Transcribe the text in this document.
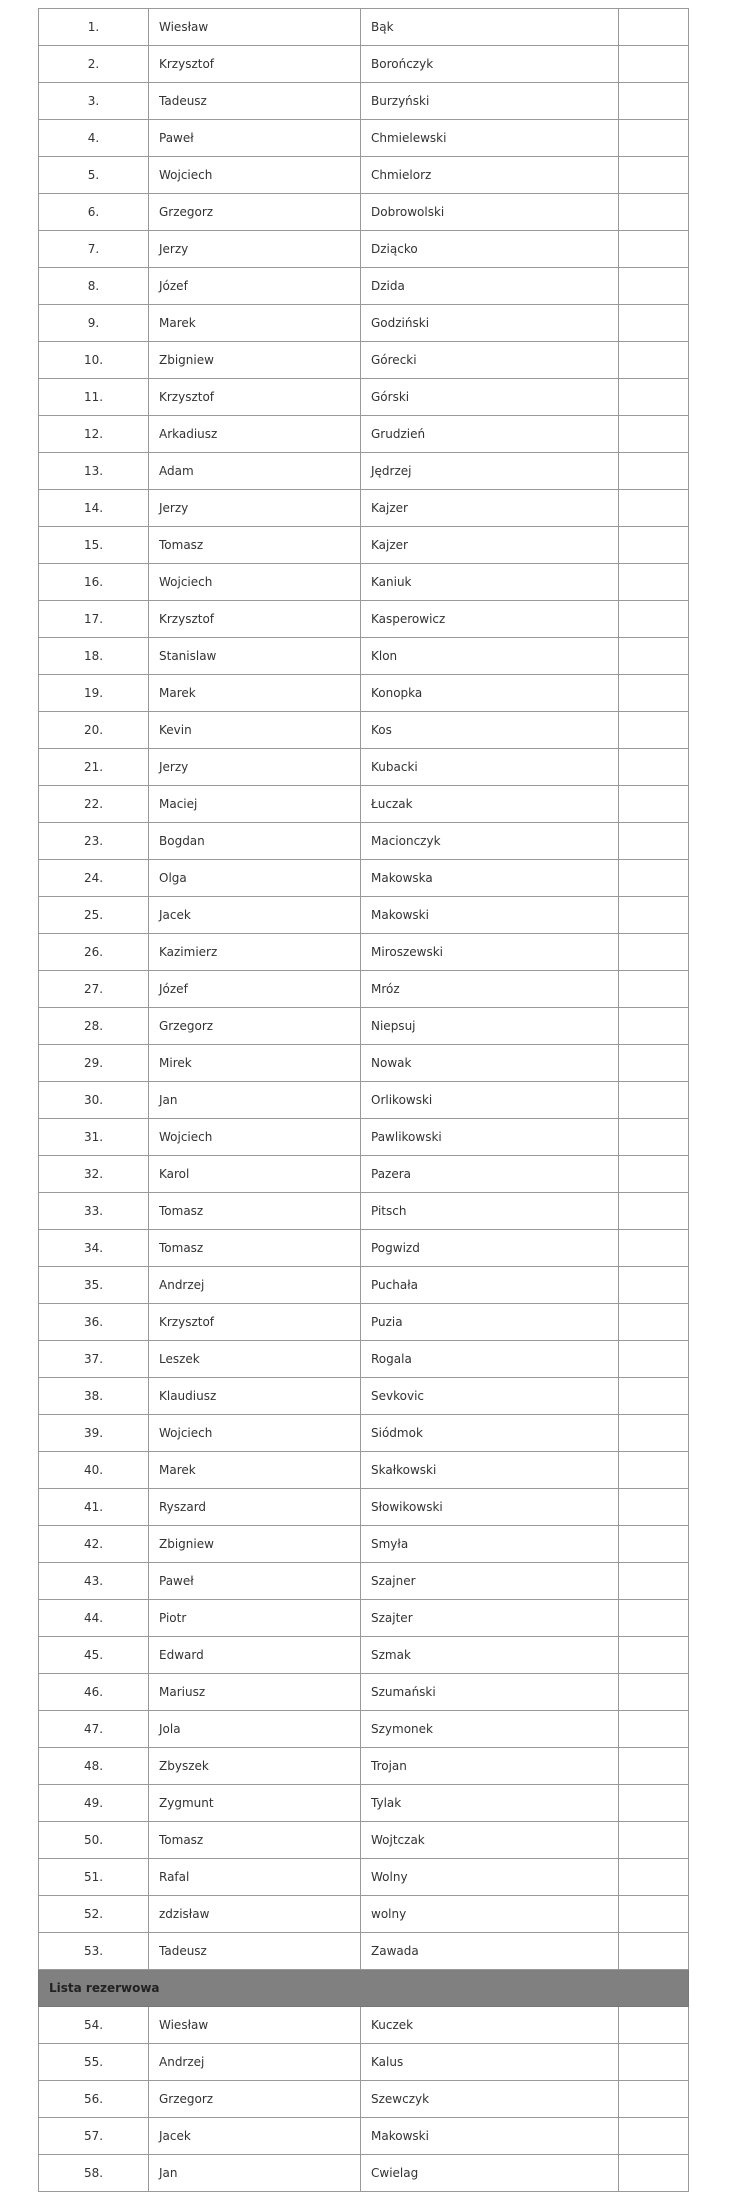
1.	Wiesław	Bąk	
2.	Krzysztof	Borończyk	
3.	Tadeusz	Burzyński	
4.	Paweł	Chmielewski	
5.	Wojciech	Chmielorz	
6.	Grzegorz	Dobrowolski	
7.	Jerzy	Dziącko	
8.	Józef	Dzida	
9.	Marek	Godziński	
10.	Zbigniew	Górecki	
11.	Krzysztof	Górski	
12.	Arkadiusz	Grudzień	
13.	Adam	Jędrzej	
14.	Jerzy	Kajzer	
15.	Tomasz	Kajzer	
16.	Wojciech	Kaniuk	
17.	Krzysztof	Kasperowicz	
18.	Stanislaw	Klon	
19.	Marek	Konopka	
20.	Kevin	Kos	
21.	Jerzy	Kubacki	
22.	Maciej	Łuczak	
23.	Bogdan	Macionczyk	
24.	Olga	Makowska	
25.	Jacek	Makowski	
26.	Kazimierz	Miroszewski	
27.	Józef	Mróz	
28.	Grzegorz	Niepsuj	
29.	Mirek	Nowak	
30.	Jan	Orlikowski	
31.	Wojciech	Pawlikowski	
32.	Karol	Pazera	
33.	Tomasz	Pitsch	
34.	Tomasz	Pogwizd	
35.	Andrzej	Puchała	
36.	Krzysztof	Puzia	
37.	Leszek	Rogala	
38.	Klaudiusz	Sevkovic	
39.	Wojciech	Siódmok	
40.	Marek	Skałkowski	
41.	Ryszard	Słowikowski	
42.	Zbigniew	Smyła	
43.	Paweł	Szajner	
44.	Piotr	Szajter	
45.	Edward	Szmak	
46.	Mariusz	Szumański	
47.	Jola	Szymonek	
48.	Zbyszek	Trojan	
49.	Zygmunt	Tylak	
50.	Tomasz	Wojtczak	
51.	Rafal	Wolny	
52.	zdzisław	wolny	
53.	Tadeusz	Zawada	
Lista rezerwowa			
54.	Wiesław	Kuczek	
55.	Andrzej	Kalus	
56.	Grzegorz	Szewczyk	
57.	Jacek	Makowski	
58.	Jan	Cwielag	
